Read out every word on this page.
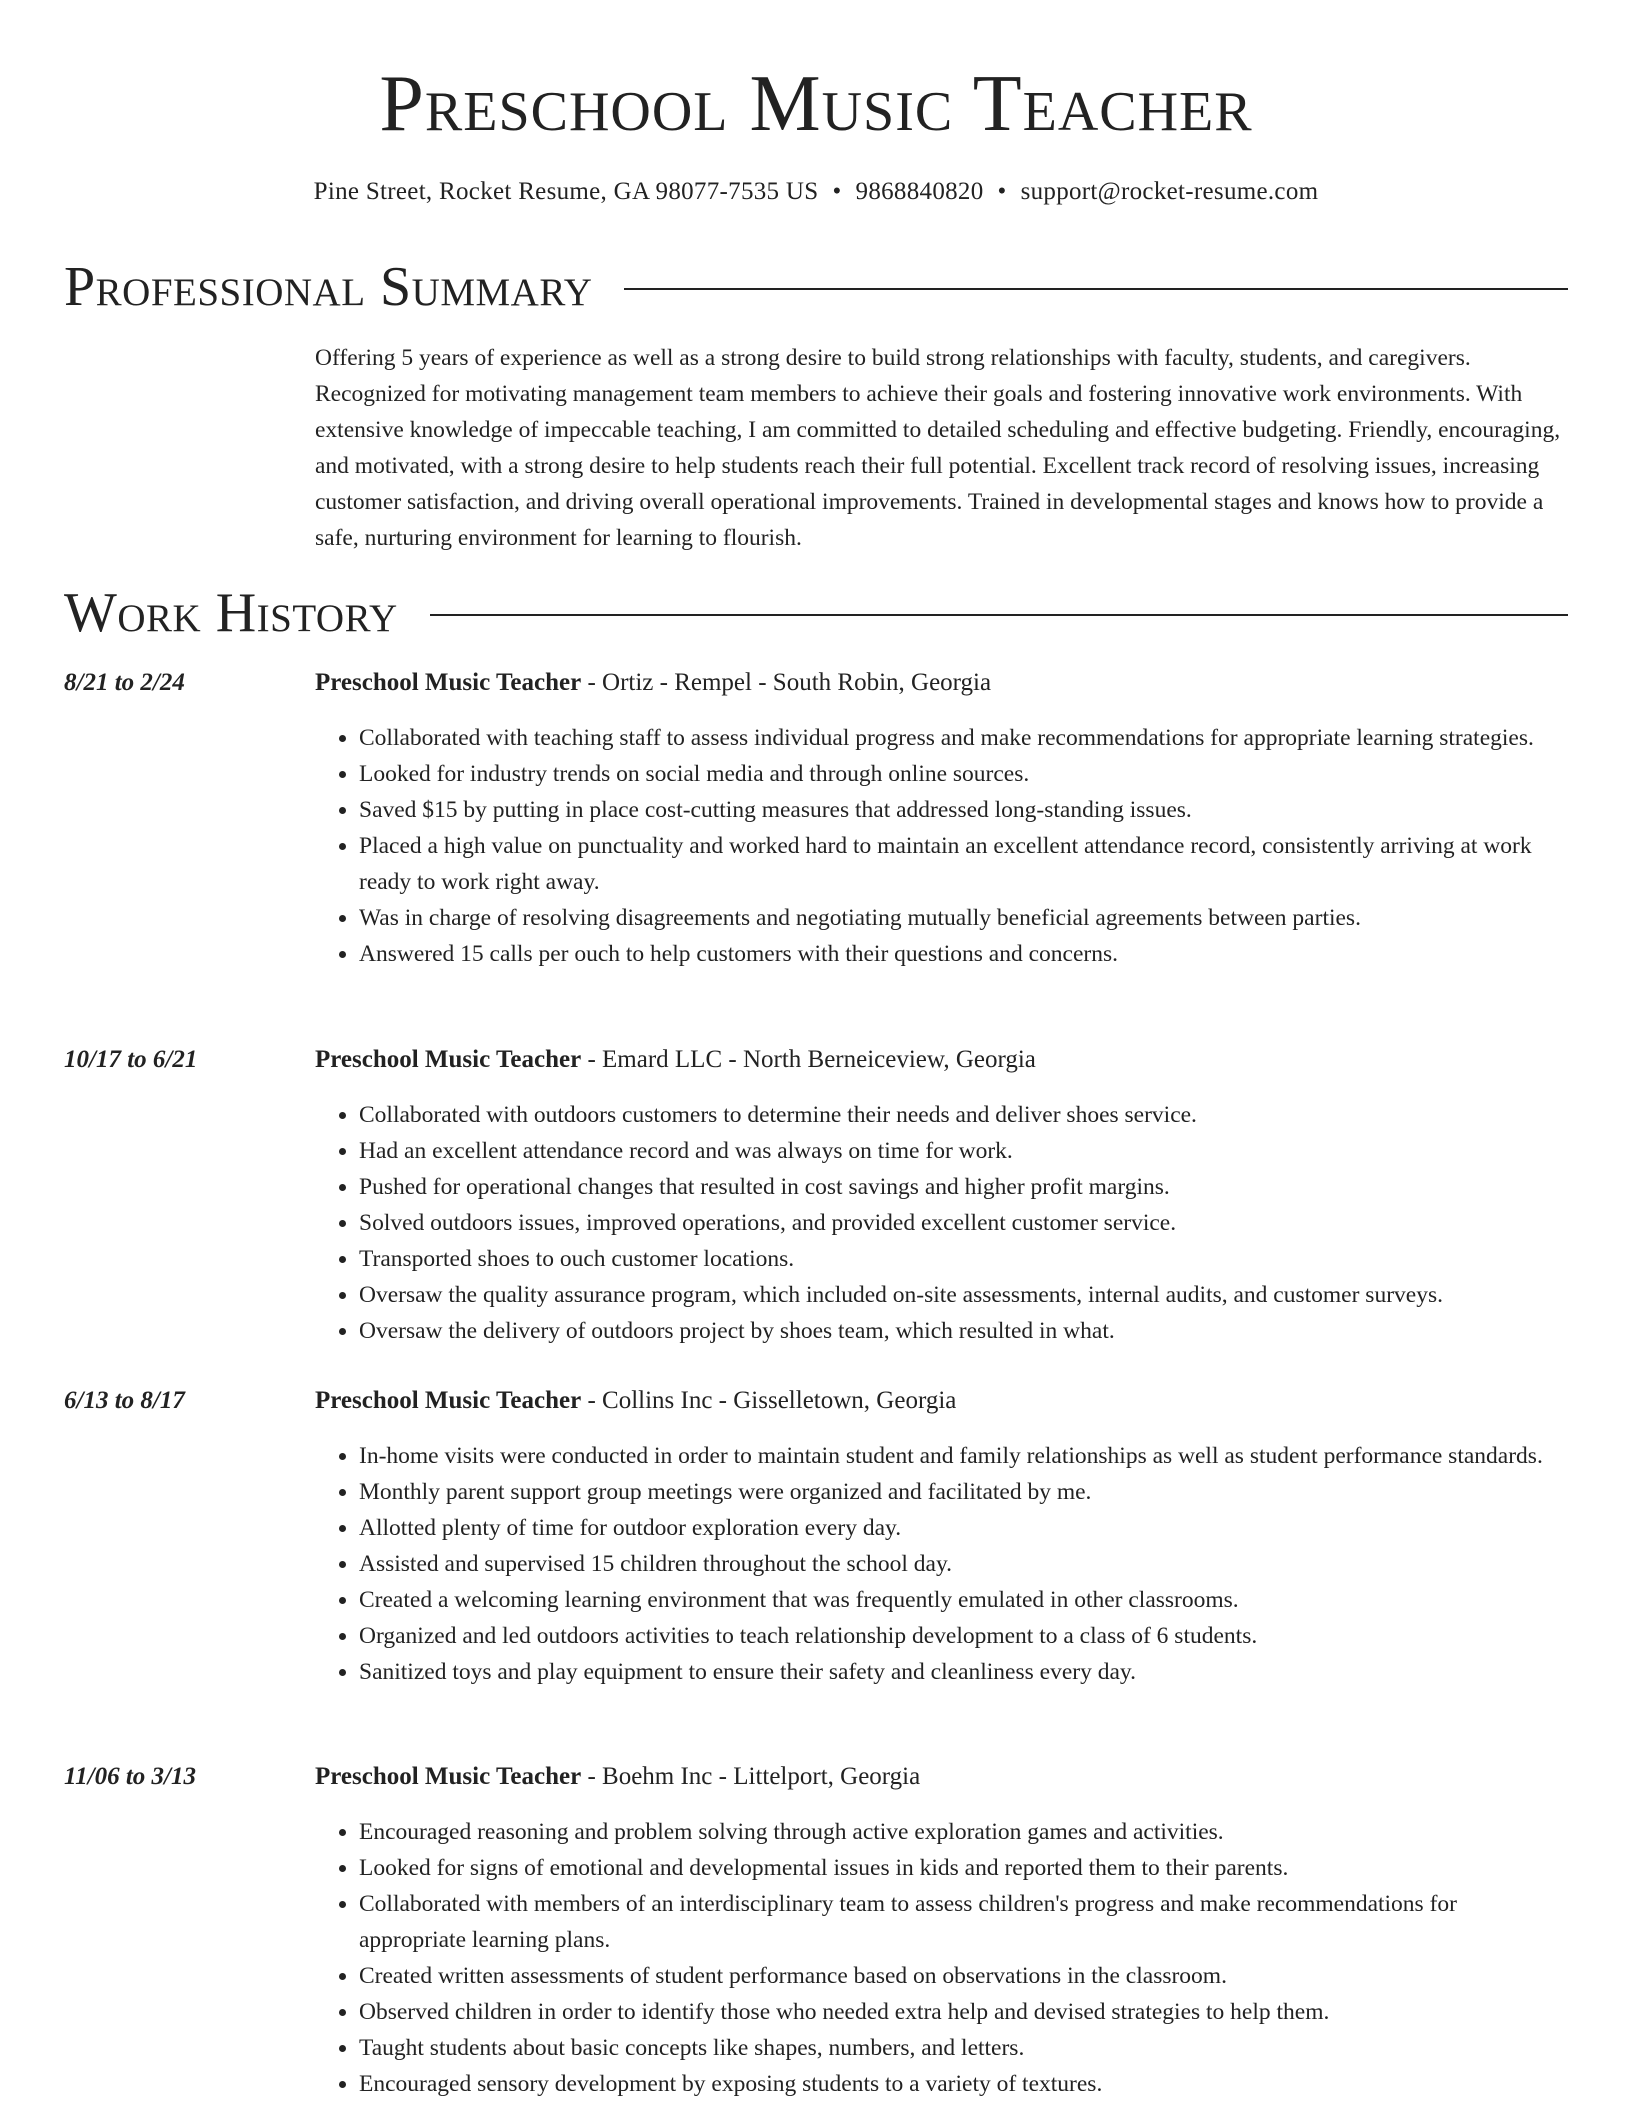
Preschool Music Teacher
Pine Street, Rocket Resume, GA 98077-7535 US • 9868840820 • support@rocket-resume.com
Professional Summary

Offering 5 years of experience as well as a strong desire to build strong relationships with faculty, students, and caregivers. Recognized for motivating management team members to achieve their goals and fostering innovative work environments. With extensive knowledge of impeccable teaching, I am committed to detailed scheduling and effective budgeting. Friendly, encouraging, and motivated, with a strong desire to help students reach their full potential. Excellent track record of resolving issues, increasing customer satisfaction, and driving overall operational improvements. Trained in developmental stages and knows how to provide a safe, nurturing environment for learning to flourish.

Work History
8/21 to 2/24	Preschool Music Teacher - Ortiz - Rempel - South Robin, Georgia
• Collaborated with teaching staff to assess individual progress and make recommendations for appropriate learning strategies.
• Looked for industry trends on social media and through online sources.
• Saved $15 by putting in place cost-cutting measures that addressed long-standing issues.
• Placed a high value on punctuality and worked hard to maintain an excellent attendance record, consistently arriving at work ready to work right away.
• Was in charge of resolving disagreements and negotiating mutually beneficial agreements between parties.
• Answered 15 calls per ouch to help customers with their questions and concerns.
10/17 to 6/21	Preschool Music Teacher - Emard LLC - North Berneiceview, Georgia
• Collaborated with outdoors customers to determine their needs and deliver shoes service.
• Had an excellent attendance record and was always on time for work.
• Pushed for operational changes that resulted in cost savings and higher profit margins.
• Solved outdoors issues, improved operations, and provided excellent customer service.
• Transported shoes to ouch customer locations.
• Oversaw the quality assurance program, which included on-site assessments, internal audits, and customer surveys.
• Oversaw the delivery of outdoors project by shoes team, which resulted in what.
6/13 to 8/17	Preschool Music Teacher - Collins Inc - Gisselletown, Georgia
• In-home visits were conducted in order to maintain student and family relationships as well as student performance standards.
• Monthly parent support group meetings were organized and facilitated by me.
• Allotted plenty of time for outdoor exploration every day.
• Assisted and supervised 15 children throughout the school day.
• Created a welcoming learning environment that was frequently emulated in other classrooms.
• Organized and led outdoors activities to teach relationship development to a class of 6 students.
• Sanitized toys and play equipment to ensure their safety and cleanliness every day.
11/06 to 3/13	Preschool Music Teacher - Boehm Inc - Littelport, Georgia
• Encouraged reasoning and problem solving through active exploration games and activities.
• Looked for signs of emotional and developmental issues in kids and reported them to their parents.
• Collaborated with members of an interdisciplinary team to assess children's progress and make recommendations for appropriate learning plans.
• Created written assessments of student performance based on observations in the classroom.
• Observed children in order to identify those who needed extra help and devised strategies to help them.
• Taught students about basic concepts like shapes, numbers, and letters.
• Encouraged sensory development by exposing students to a variety of textures.
